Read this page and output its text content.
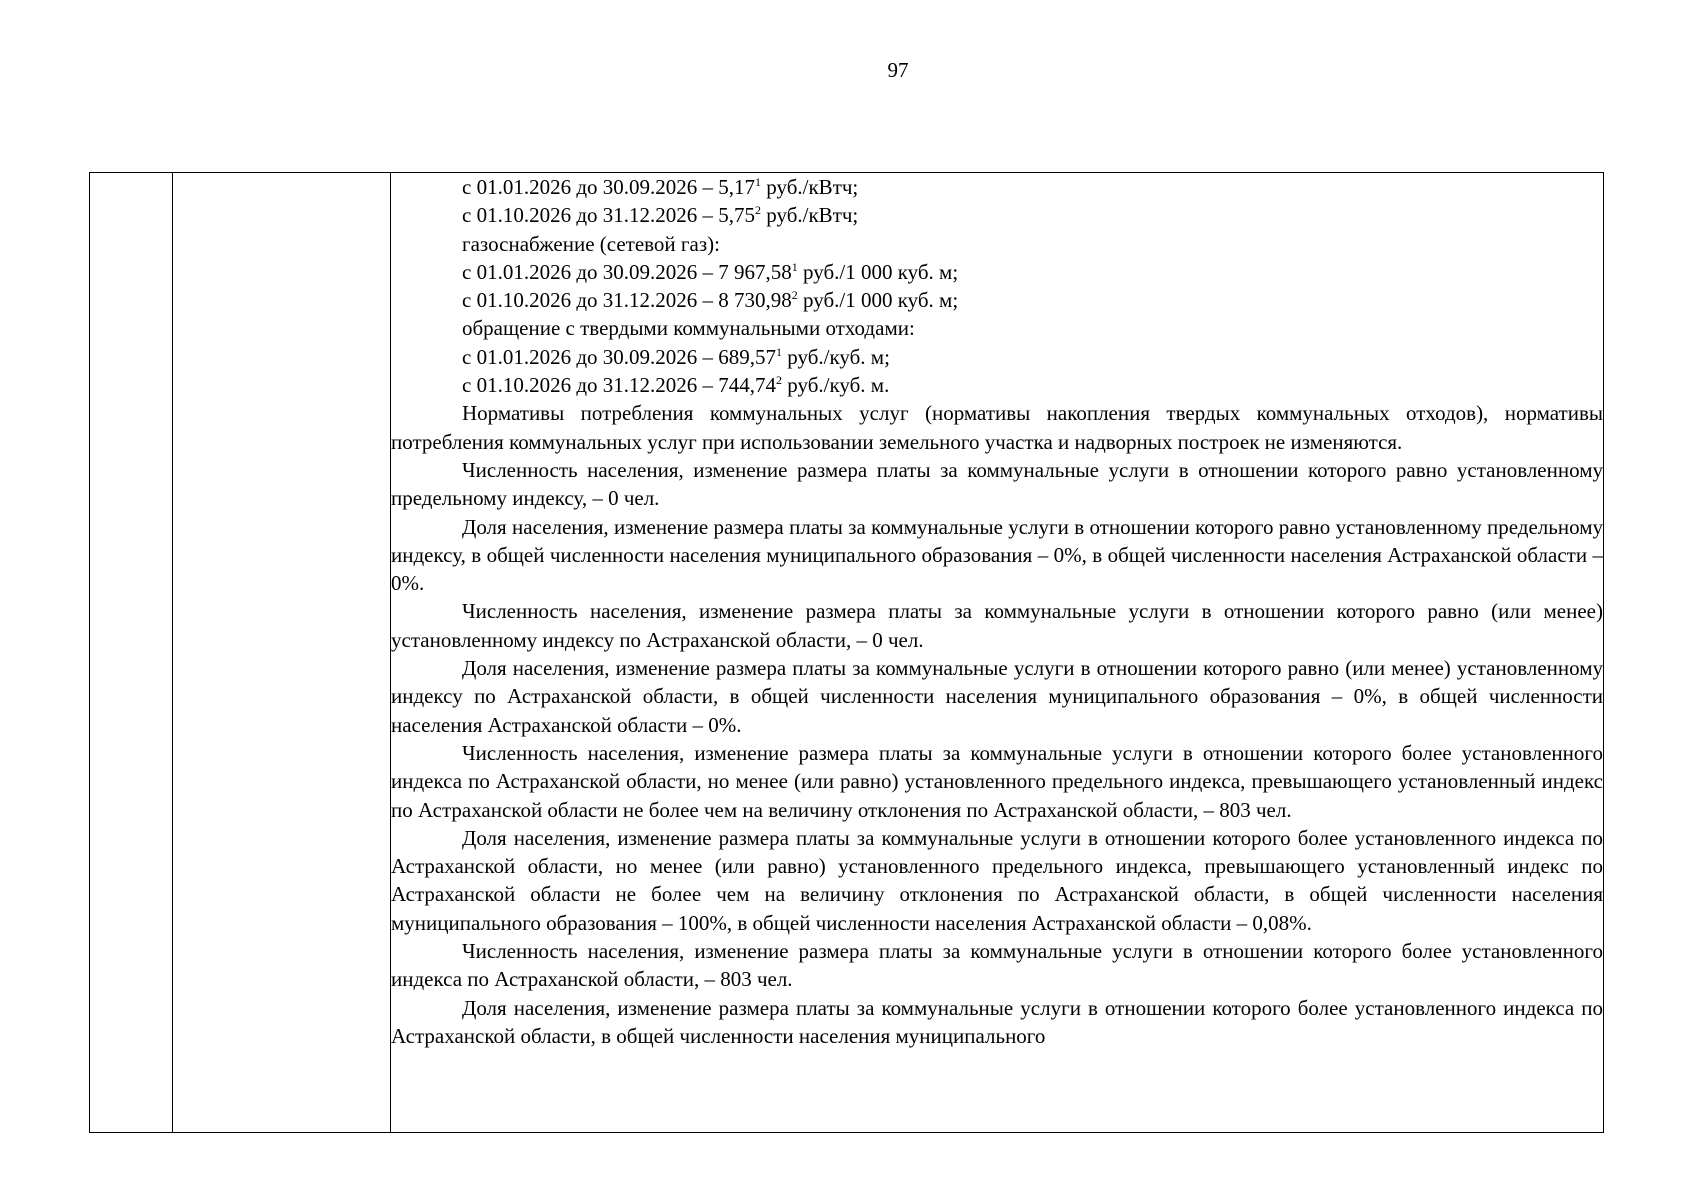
97

с 01.01.2026 до 30.09.2026 – 5,17$^1$ руб./кВтч;
с 01.10.2026 до 31.12.2026 – 5,75$^2$ руб./кВтч;
газоснабжение (сетевой газ):
с 01.01.2026 до 30.09.2026 – 7 967,58$^1$ руб./1 000 куб. м;
с 01.10.2026 до 31.12.2026 – 8 730,98$^2$ руб./1 000 куб. м;
обращение с твердыми коммунальными отходами:
с 01.01.2026 до 30.09.2026 – 689,57$^1$ руб./куб. м;
с 01.10.2026 до 31.12.2026 – 744,74$^2$ руб./куб. м.

Нормативы потребления коммунальных услуг (нормативы накопления твердых коммунальных отходов), нормативы потребления коммунальных услуг при использовании земельного участка и надворных построек не изменяются.

Численность населения, изменение размера платы за коммунальные услуги в отношении которого равно установленному предельному индексу, – 0 чел.

Доля населения, изменение размера платы за коммунальные услуги в отношении которого равно установленному предельному индексу, в общей численности населения муниципального образования – 0%, в общей численности населения Астраханской области – 0%.

Численность населения, изменение размера платы за коммунальные услуги в отношении которого равно (или менее) установленному индексу по Астраханской области, – 0 чел.

Доля населения, изменение размера платы за коммунальные услуги в отношении которого равно (или менее) установленному индексу по Астраханской области, в общей численности населения муниципального образования – 0%, в общей численности населения Астраханской области – 0%.

Численность населения, изменение размера платы за коммунальные услуги в отношении которого более установленного индекса по Астраханской области, но менее (или равно) установленного предельного индекса, превышающего установленный индекс по Астраханской области не более чем на величину отклонения по Астраханской области, – 803 чел.

Доля населения, изменение размера платы за коммунальные услуги в отношении которого более установленного индекса по Астраханской области, но менее (или равно) установленного предельного индекса, превышающего установленный индекс по Астраханской области не более чем на величину отклонения по Астраханской области, в общей численности населения муниципального образования – 100%, в общей численности населения Астраханской области – 0,08%.

Численность населения, изменение размера платы за коммунальные услуги в отношении которого более установленного индекса по Астраханской области, – 803 чел.

Доля населения, изменение размера платы за коммунальные услуги в отношении которого более установленного индекса по Астраханской области, в общей численности населения муниципального
